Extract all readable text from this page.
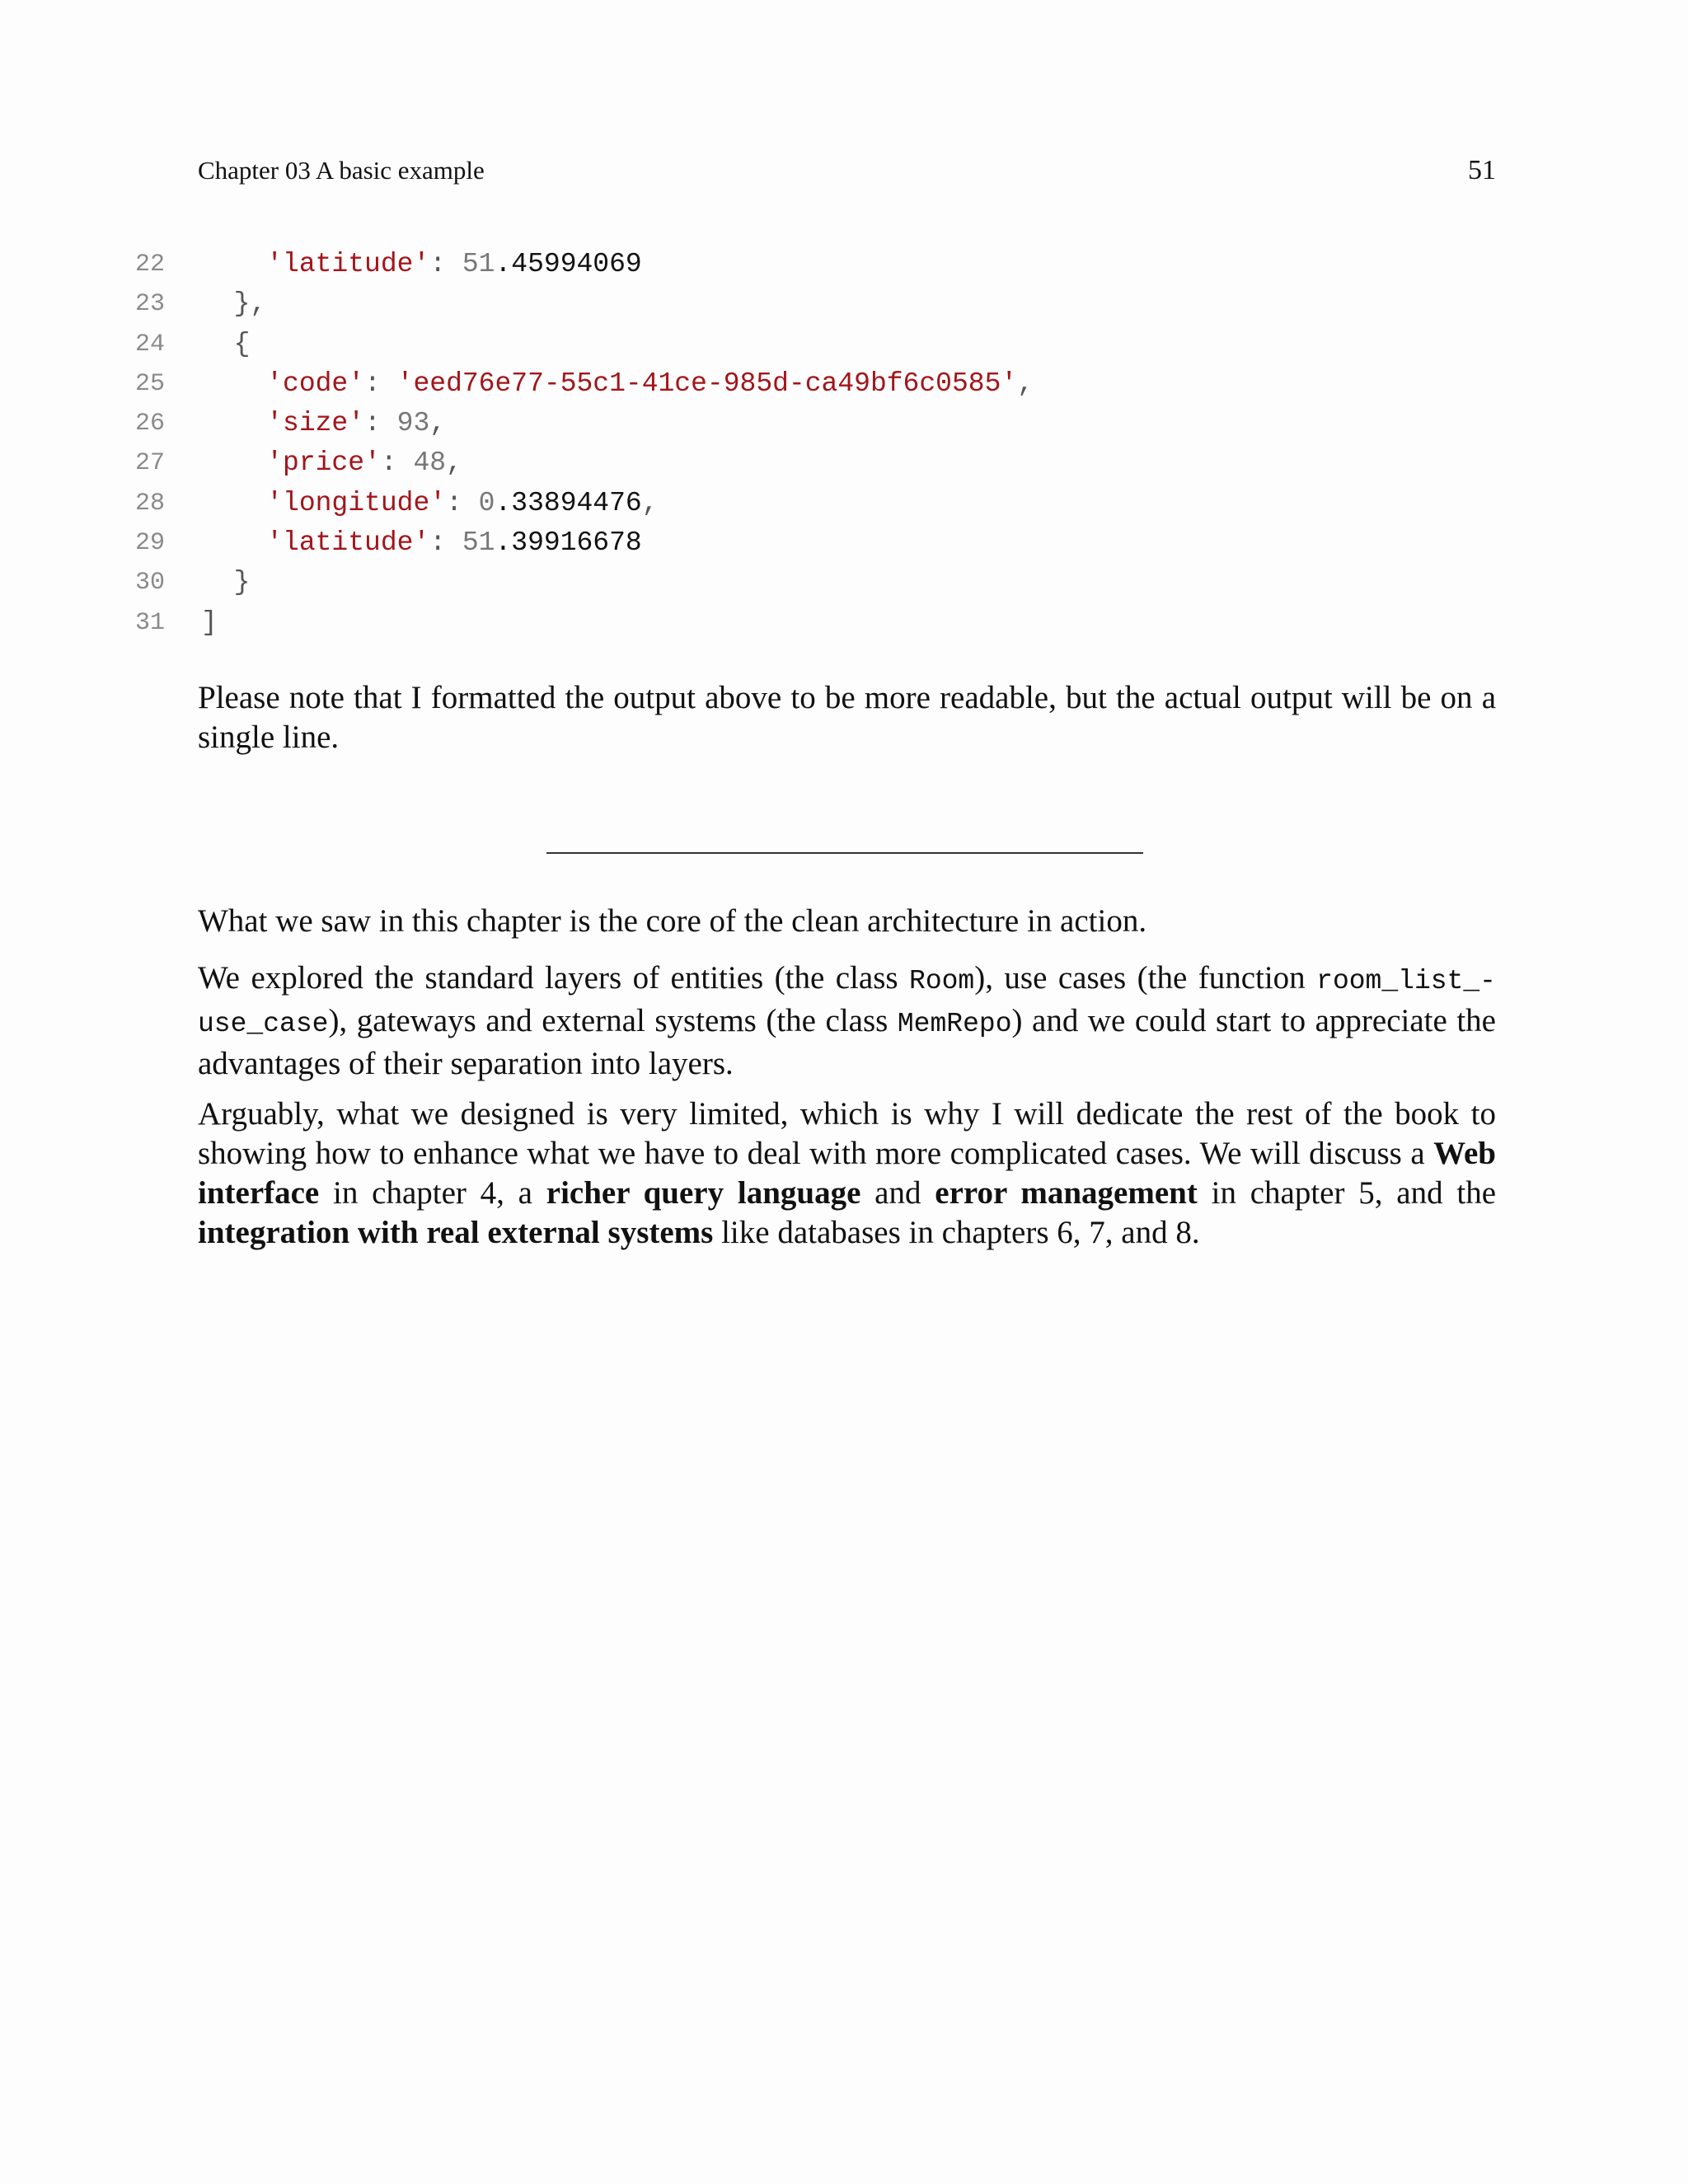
Chapter 03 A basic example	51
22	'latitude': 51.45994069
23 },
24 {
25	'code': 'eed76e77-55c1-41ce-985d-ca49bf6c0585',
26	'size': 93,
27	'price': 48,
28	'longitude': 0.33894476,
29	'latitude': 51.39916678
30 }
31 ]
Please note that I formatted the output above to be more readable, but the actual output will be on a single line.
What we saw in this chapter is the core of the clean architecture in action.
We explored the standard layers of entities (the class Room), use cases (the function room_list_-use_case), gateways and external systems (the class MemRepo) and we could start to appreciate the advantages of their separation into layers.
Arguably, what we designed is very limited, which is why I will dedicate the rest of the book to showing how to enhance what we have to deal with more complicated cases. We will discuss a Web interface in chapter 4, a richer query language and error management in chapter 5, and the integration with real external systems like databases in chapters 6, 7, and 8.
